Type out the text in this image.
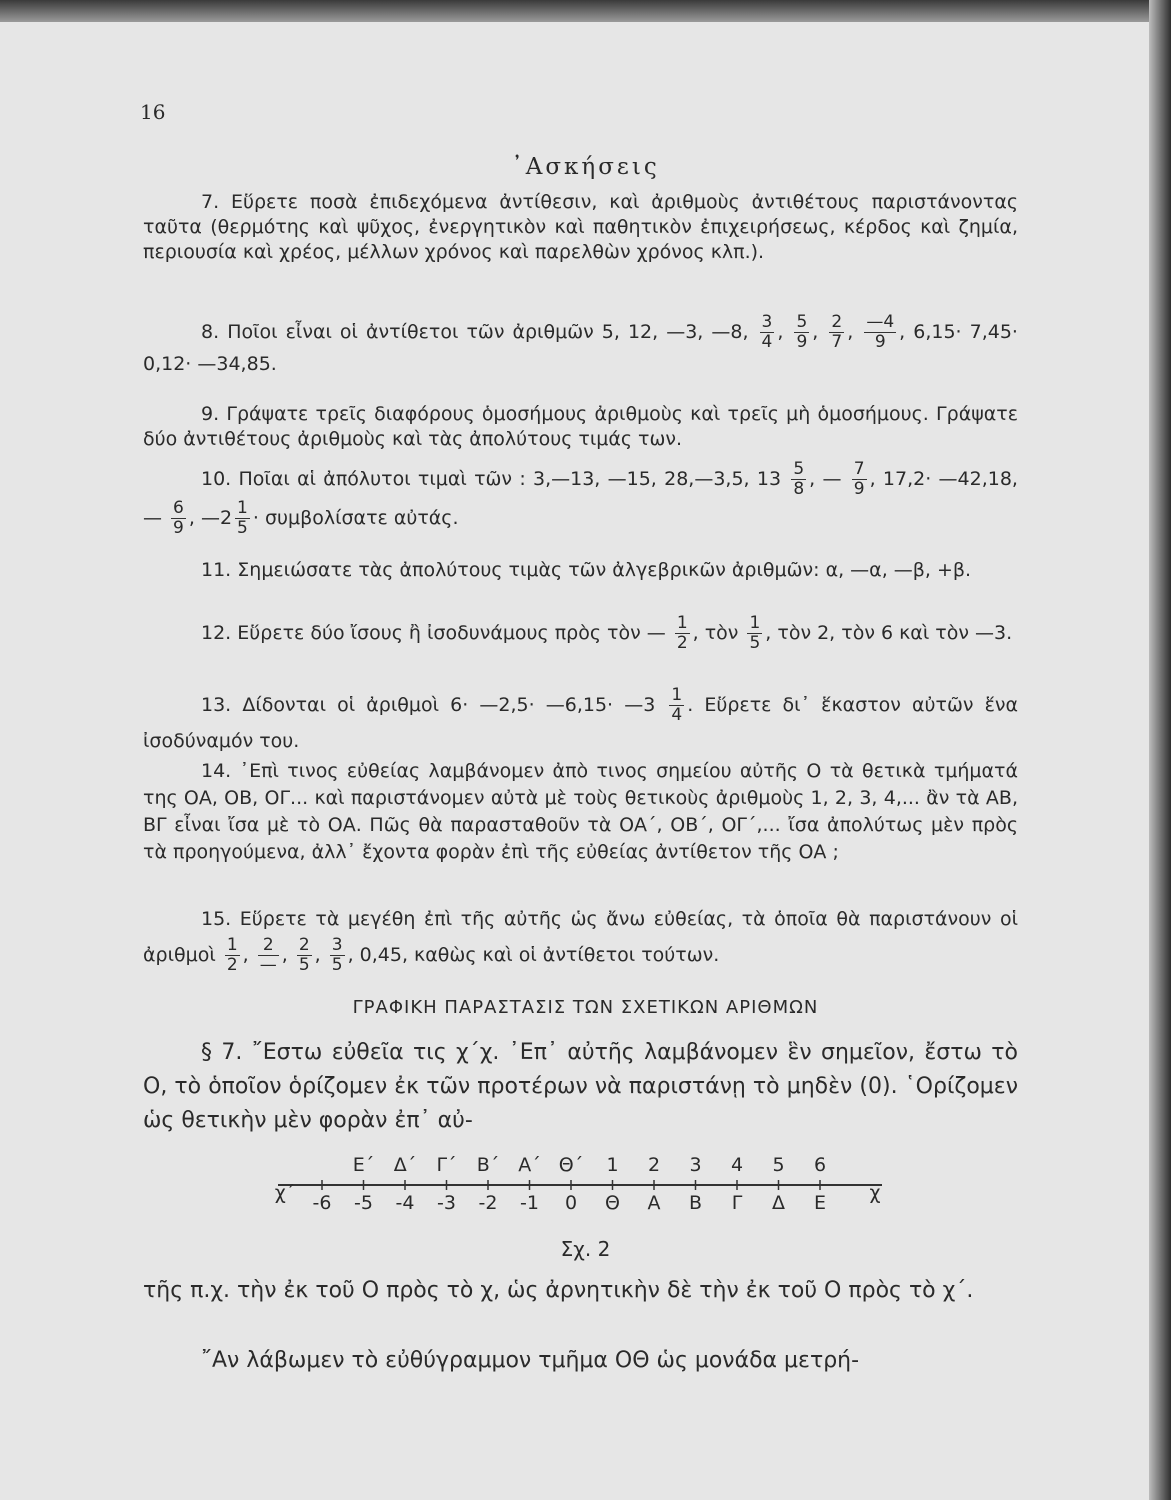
16
᾿Ασκήσεις
7. Εὕρετε ποσὰ ἐπιδεχόμενα ἀντίθεσιν, καὶ ἀριθμοὺς ἀντιθέτους παριστάνοντας ταῦτα (θερμότης καὶ ψῦχος, ἐνεργητικὸν καὶ παθητικὸν ἐπιχειρήσεως, κέρδος καὶ ζημία, περιουσία καὶ χρέος, μέλλων χρόνος καὶ παρελθὼν χρόνος κλπ.).
8. Ποῖοι εἶναι οἱ ἀντίθετοι τῶν ἀριθμῶν 5, 12, —3, —8, $\frac{3}{4}$ , $\frac{5}{9}$ , $\frac{2}{7}$ , $\frac{—4}{9}$ , 6,15· 7,45· 0,12· —34,85.
9. Γράψατε τρεῖς διαφόρους ὁμοσήμους ἀριθμοὺς καὶ τρεῖς μὴ ὁμοσήμους. Γράψατε δύο ἀντιθέτους ἀριθμοὺς καὶ τὰς ἀπολύτους τιμάς των.
10. Ποῖαι αἱ ἀπόλυτοι τιμαὶ τῶν : 3,—13, —15, 28,—3,5, $13 \frac{5}{8}$ , — $\frac{7}{9}$ , 17,2· —42,18, — $\frac{6}{9}$ , —2 $\frac{1}{5} \cdot \sigma\upsilon\mu\beta o\lambda ί\sigma\alpha\tau\varepsilon$ αὐτάς.
11. Σημειώσατε τὰς ἀπολύτους τιμὰς τῶν ἀλγεβρικῶν ἀριθμῶν: α, —α, —β, +β.
12. Εὕρετε δύο ἴσους ἢ ἰσοδυνάμους πρὸς τὸν — $\frac{1}{2}$ , τὸν $\frac{1}{5}$ , τὸν 2, τὸν 6 καὶ τὸν —3.
13. Δίδονται οἱ ἀριθμοὶ 6· —2,5· —6,15· —3 $\frac{1}{4}$ . Εὕρετε δι᾿ ἕκαστον αὐτῶν ἕνα ἰσοδύναμόν του.
14. ᾿Επὶ τινος εὐθείας λαμβάνομεν ἀπὸ τινος σημείου αὐτῆς Ο τὰ θετικὰ τμήματά της ΟΑ, ΟΒ, ΟΓ... καὶ παριστάνομεν αὐτὰ μὲ τοὺς θετικοὺς ἀριθμοὺς 1, 2, 3, 4,... ἂν τὰ ΑΒ, ΒΓ εἶναι ἴσα μὲ τὸ ΟΑ. Πῶς θὰ παρασταθοῦν τὰ ΟΑ΄, ΟΒ΄, ΟΓ΄,... ἴσα ἀπολύτως μὲν πρὸς τὰ προηγούμενα, ἀλλ᾿ ἔχοντα φορὰν ἐπὶ τῆς εὐθείας ἀντίθετον τῆς ΟΑ ;
15. Εὕρετε τὰ μεγέθη ἐπὶ τῆς αὐτῆς ὡς ἄνω εὐθείας, τὰ ὁποῖα θὰ παριστάνουν οἱ ἀριθμοὶ $\frac{1}{2}$ , $\frac{2}{—}$ , $\frac{2}{5}$ , $\frac{3}{5}$ , 0,45, καθὼς καὶ οἱ ἀντίθετοι τούτων.
ΓΡΑΦΙΚΗ ΠΑΡΑΣΤΑΣΙΣ ΤΩΝ ΣΧΕΤΙΚΩΝ ΑΡΙΘΜΩΝ
§ 7. ῎Εστω εὐθεῖα τις χ΄χ. ᾿Επ᾿ αὐτῆς λαμβάνομεν ἓν σημεῖον, ἔστω τὸ Ο, τὸ ὁποῖον ὁρίζομεν ἐκ τῶν προτέρων νὰ παριστάνῃ τὸ μηδὲν (0). ῾Ορίζομεν ὡς θετικὴν μὲν φορὰν ἐπ᾿ αὐ-
-6 -5 -4 -3 -2 -1	0	Θ	Α	Β	Γ	Δ	Ε
Ε΄ Δ΄ Γ΄ Β΄ Α΄ Θ΄	1	2	3	4	5	6
χ΄	χ
Σχ. 2
τῆς π.χ. τὴν ἐκ τοῦ Ο πρὸς τὸ χ, ὡς ἀρνητικὴν δὲ τὴν ἐκ τοῦ Ο πρὸς τὸ χ΄.
῎Αν λάβωμεν τὸ εὐθύγραμμον τμῆμα ΟΘ ὡς μονάδα μετρή-
